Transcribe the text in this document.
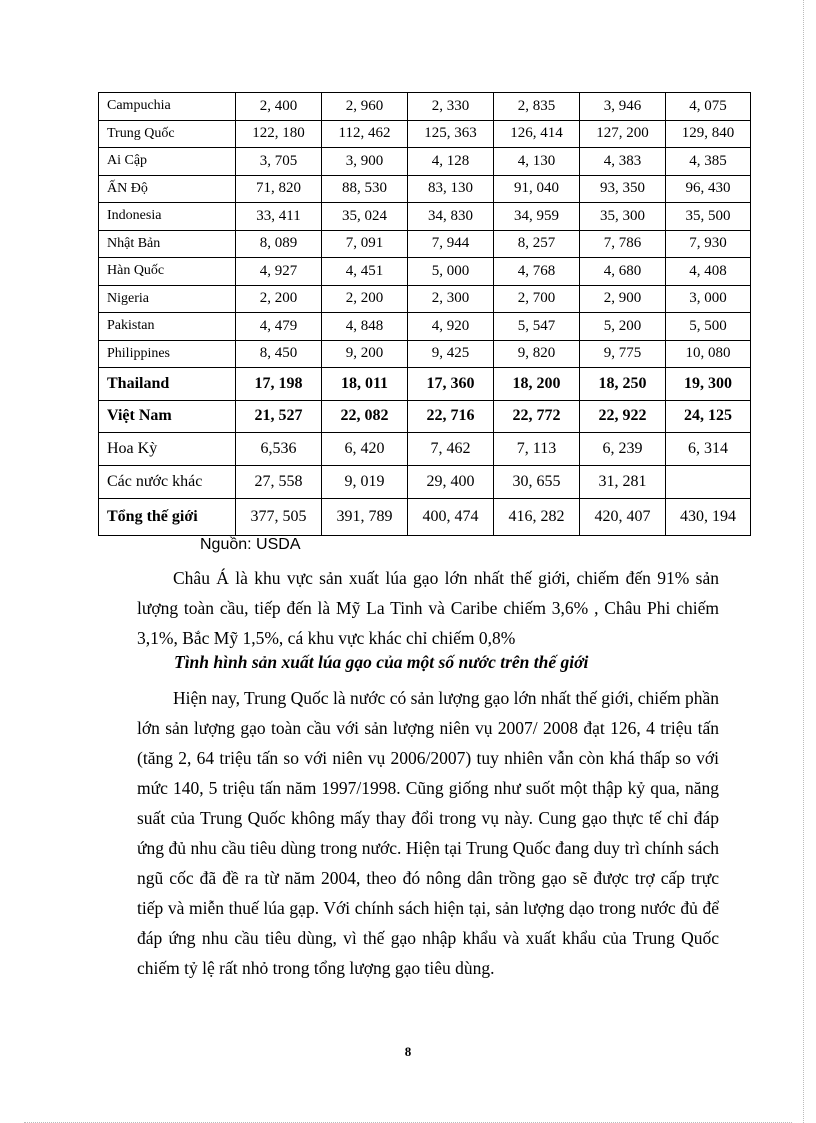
Campuchia	2, 400	2, 960	2, 330	2, 835	3, 946	4, 075
Trung Quốc	122, 180	112, 462	125, 363	126, 414	127, 200	129, 840
Ai Cập	3, 705	3, 900	4, 128	4, 130	4, 383	4, 385
ẤN Độ	71, 820	88, 530	83, 130	91, 040	93, 350	96, 430
Indonesia	33, 411	35, 024	34, 830	34, 959	35, 300	35, 500
Nhật Bản	8, 089	7, 091	7, 944	8, 257	7, 786	7, 930
Hàn Quốc	4, 927	4, 451	5, 000	4, 768	4, 680	4, 408
Nigeria	2, 200	2, 200	2, 300	2, 700	2, 900	3, 000
Pakistan	4, 479	4, 848	4, 920	5, 547	5, 200	5, 500
Philippines	8, 450	9, 200	9, 425	9, 820	9, 775	10, 080
Thailand	17, 198	18, 011	17, 360	18, 200	18, 250	19, 300
Việt Nam	21, 527	22, 082	22, 716	22, 772	22, 922	24, 125
Hoa Kỳ	6,536	6, 420	7, 462	7, 113	6, 239	6, 314
Các nước khác	27, 558	9, 019	29, 400	30, 655	31, 281	
Tổng thế giới	377, 505	391, 789	400, 474	416, 282	420, 407	430, 194
Nguồn: USDA

Châu Á là khu vực sản xuất lúa gạo lớn nhất thế giới, chiếm đến 91% sản lượng toàn cầu, tiếp đến là Mỹ La Tinh và Caribe chiếm 3,6% , Châu Phi chiếm 3,1%, Bắc Mỹ 1,5%, cá khu vực khác chỉ chiếm 0,8%

Tình hình sản xuất lúa gạo của một số nước trên thế giới

Hiện nay, Trung Quốc là nước có sản lượng gạo lớn nhất thế giới, chiếm phần lớn sản lượng gạo toàn cầu với sản lượng niên vụ 2007/ 2008 đạt 126, 4 triệu tấn (tăng 2, 64 triệu tấn so với niên vụ 2006/2007) tuy nhiên vẫn còn khá thấp so với mức 140, 5 triệu tấn năm 1997/1998. Cũng giống như suốt một thập kỷ qua, năng suất của Trung Quốc không mấy thay đổi trong vụ này. Cung gạo thực tế chỉ đáp ứng đủ nhu cầu tiêu dùng trong nước. Hiện tại Trung Quốc đang duy trì chính sách ngũ cốc đã đề ra từ năm 2004, theo đó nông dân trồng gạo sẽ được trợ cấp trực tiếp và miễn thuế lúa gạp. Với chính sách hiện tại, sản lượng dạo trong nước đủ để đáp ứng nhu cầu tiêu dùng, vì thế gạo nhập khẩu và xuất khẩu của Trung Quốc chiếm tỷ lệ rất nhỏ trong tổng lượng gạo tiêu dùng.

8
